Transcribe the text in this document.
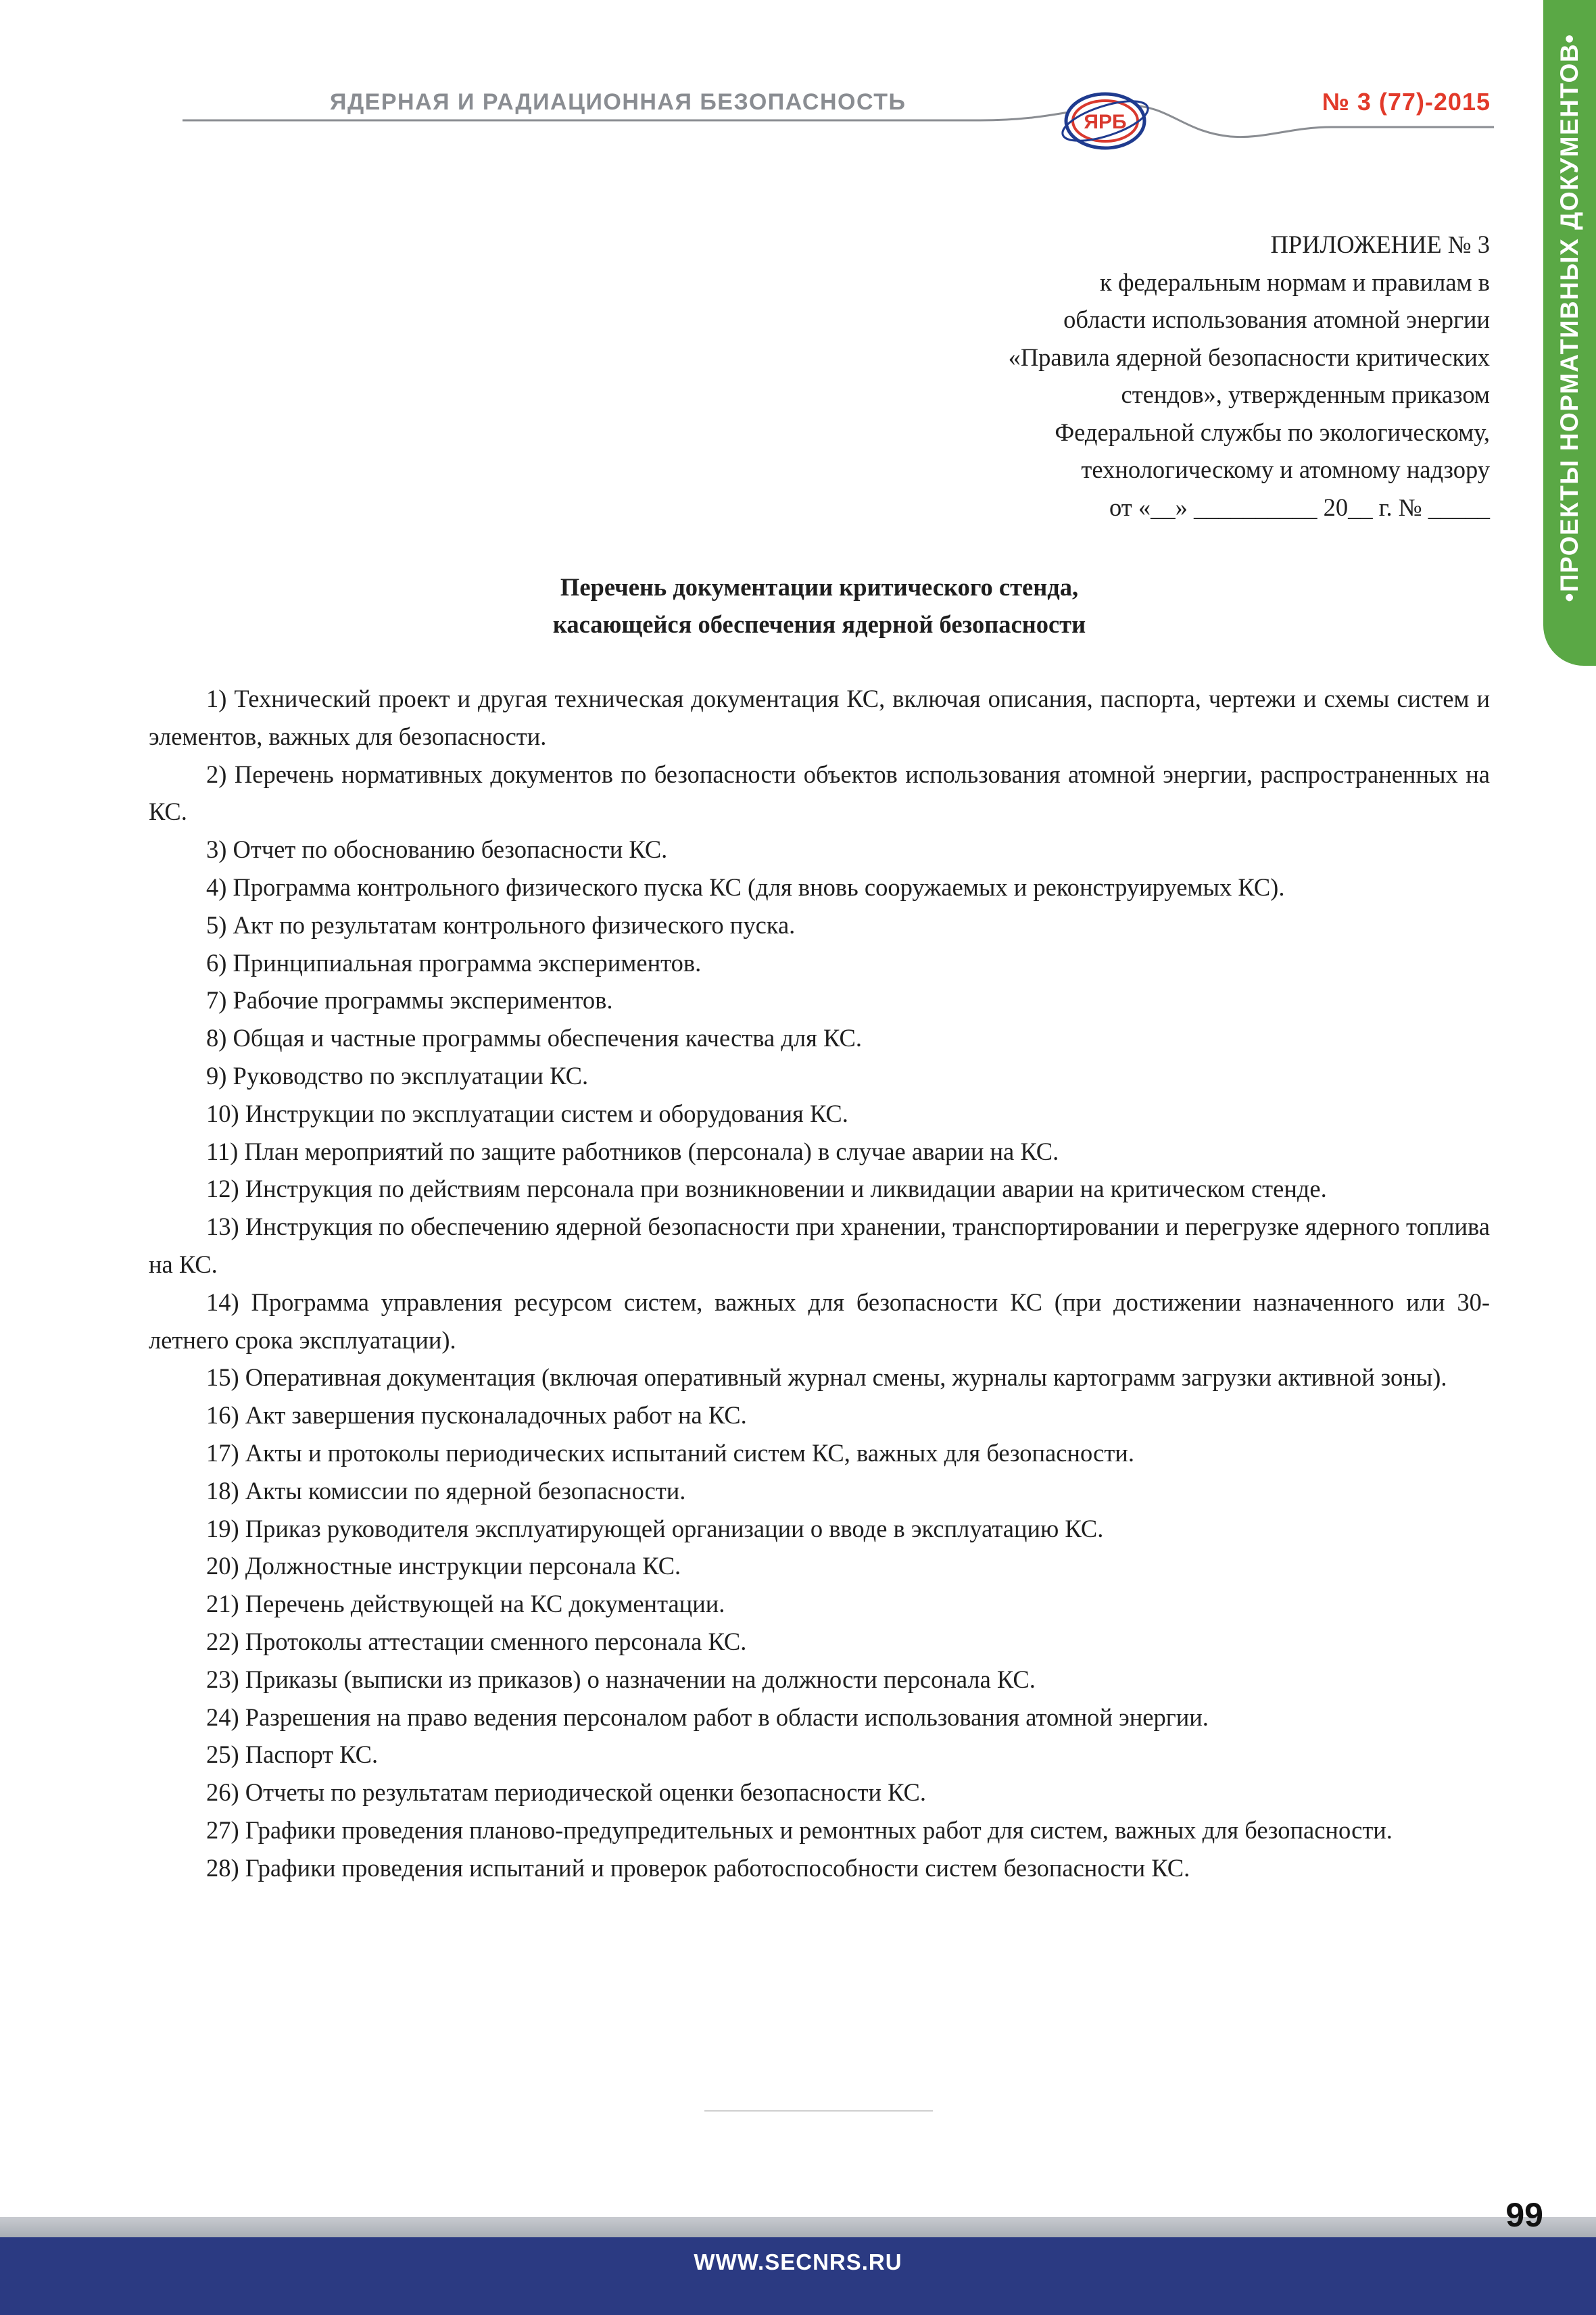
ЯДЕРНАЯ И РАДИАЦИОННАЯ БЕЗОПАСНОСТЬ
ЯРБ
№ 3 (77)-2015	•ПРОЕКТЫ НОРМАТИВНЫХ ДОКУМЕНТОВ•
ПРИЛОЖЕНИЕ № 3
к федеральным нормам и правилам в
области использования атомной энергии
«Правила ядерной безопасности критических
стендов», утвержденным приказом
Федеральной службы по экологическому,
технологическому и атомному надзору
от «__» __________ 20__ г. № _____
Перечень документации критического стенда,
касающейся обеспечения ядерной безопасности

1) Технический проект и другая техническая документация КС, включая описания, паспорта, чертежи и схемы систем и элементов, важных для безопасности.

2) Перечень нормативных документов по безопасности объектов использования атомной энергии, распространенных на КС.

3) Отчет по обоснованию безопасности КС.

4) Программа контрольного физического пуска КС (для вновь сооружаемых и реконструируемых КС).

5) Акт по результатам контрольного физического пуска.

6) Принципиальная программа экспериментов.

7) Рабочие программы экспериментов.

8) Общая и частные программы обеспечения качества для КС.

9) Руководство по эксплуатации КС.

10) Инструкции по эксплуатации систем и оборудования КС.

11) План мероприятий по защите работников (персонала) в случае аварии на КС.

12) Инструкция по действиям персонала при возникновении и ликвидации аварии на критическом стенде.

13) Инструкция по обеспечению ядерной безопасности при хранении, транспортировании и перегрузке ядерного топлива на КС.

14) Программа управления ресурсом систем, важных для безопасности КС (при достижении назначенного или 30-летнего срока эксплуатации).

15) Оперативная документация (включая оперативный журнал смены, журналы картограмм загрузки активной зоны).

16) Акт завершения пусконаладочных работ на КС.

17) Акты и протоколы периодических испытаний систем КС, важных для безопасности.

18) Акты комиссии по ядерной безопасности.

19) Приказ руководителя эксплуатирующей организации о вводе в эксплуатацию КС.

20) Должностные инструкции персонала КС.

21) Перечень действующей на КС документации.

22) Протоколы аттестации сменного персонала КС.

23) Приказы (выписки из приказов) о назначении на должности персонала КС.

24) Разрешения на право ведения персоналом работ в области использования атомной энергии.

25) Паспорт КС.

26) Отчеты по результатам периодической оценки безопасности КС.

27) Графики проведения планово-предупредительных и ремонтных работ для систем, важных для безопасности.

28) Графики проведения испытаний и проверок работоспособности систем безопасности КС.

WWW.SECNRS.RU
99
